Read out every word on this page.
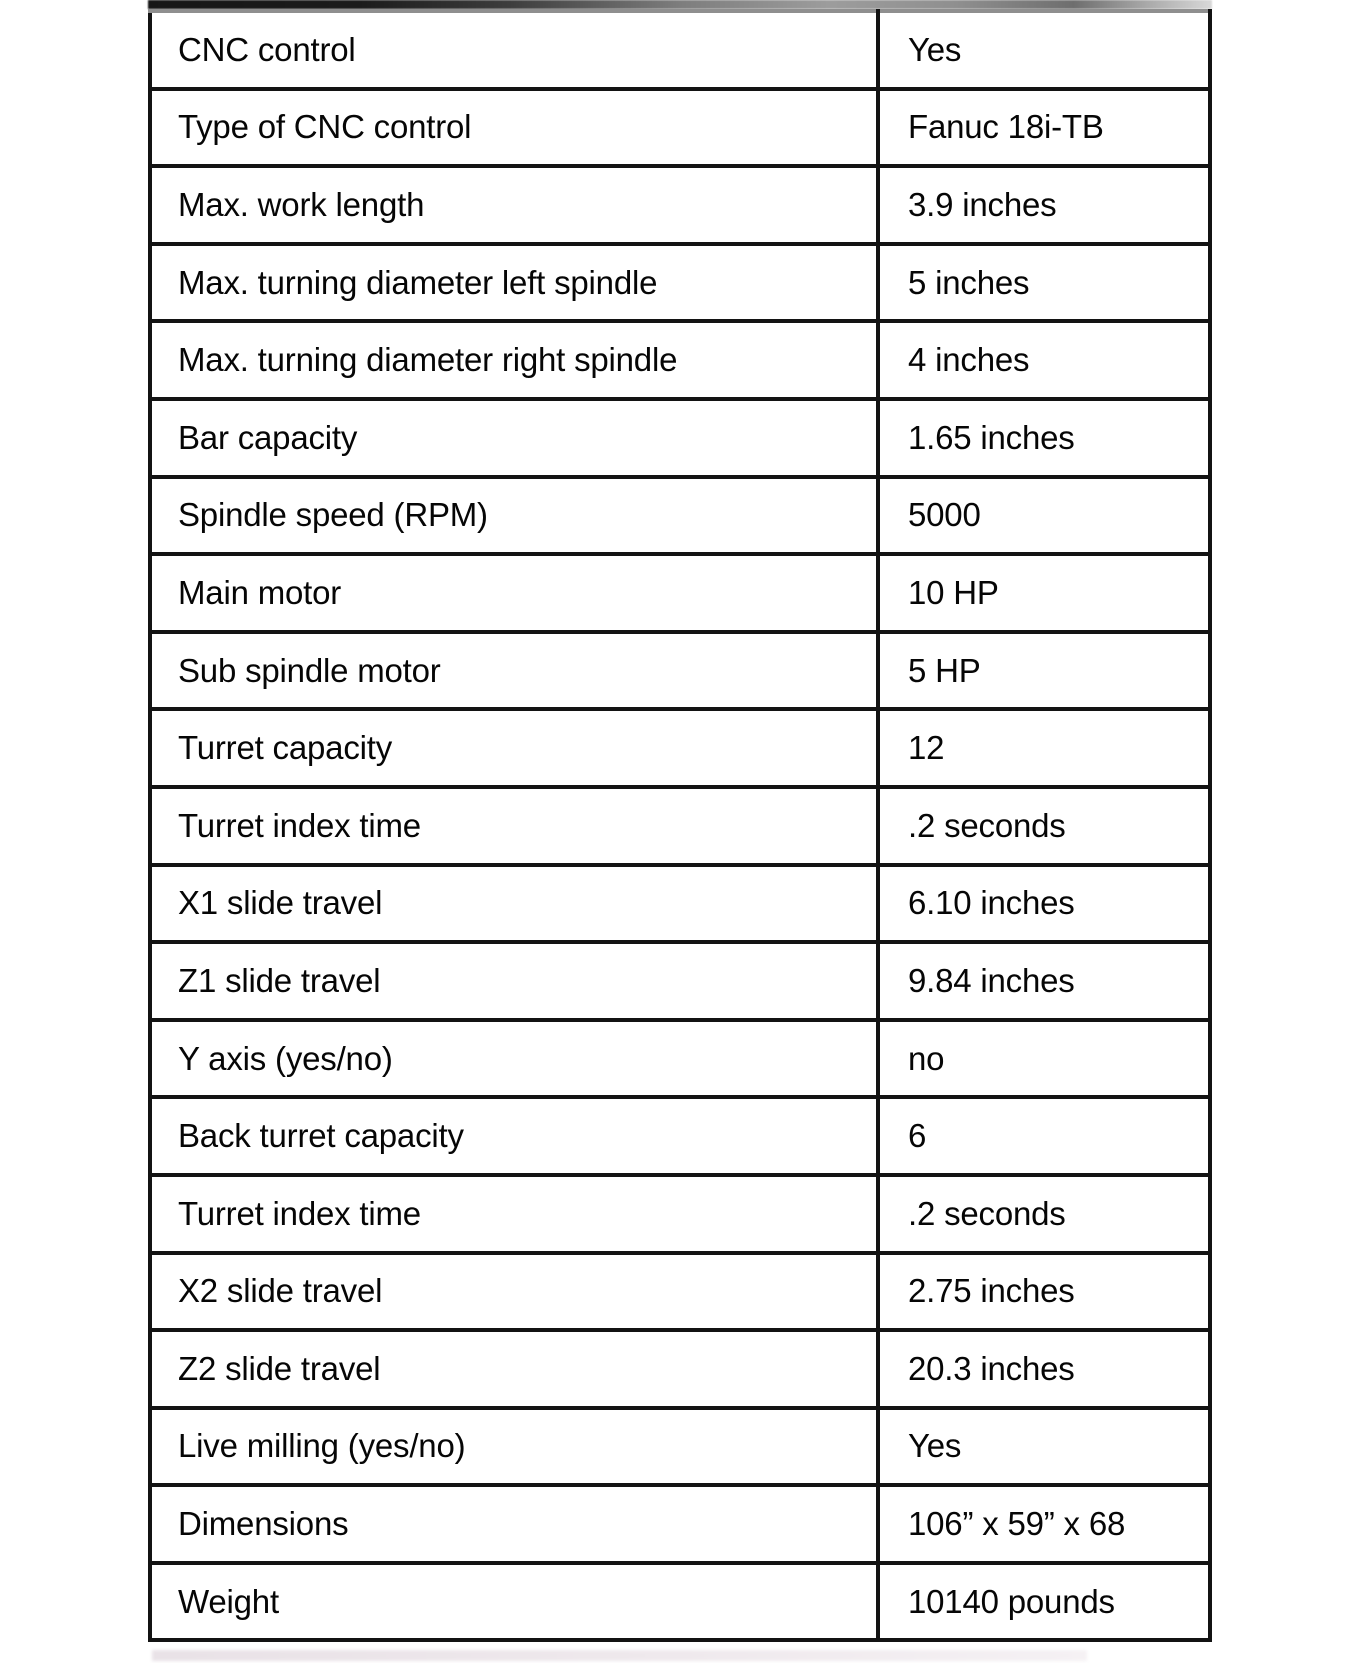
CNC control	Yes
Type of CNC control	Fanuc 18i-TB
Max. work length	3.9 inches
Max. turning diameter left spindle	5 inches
Max. turning diameter right spindle	4 inches
Bar capacity	1.65 inches
Spindle speed (RPM)	5000
Main motor	10 HP
Sub spindle motor	5 HP
Turret capacity	12
Turret index time	.2 seconds
X1 slide travel	6.10 inches
Z1 slide travel	9.84 inches
Y axis (yes/no)	no
Back turret capacity	6
Turret index time	.2 seconds
X2 slide travel	2.75 inches
Z2 slide travel	20.3 inches
Live milling (yes/no)	Yes
Dimensions	106” x 59” x 68
Weight	10140 pounds
